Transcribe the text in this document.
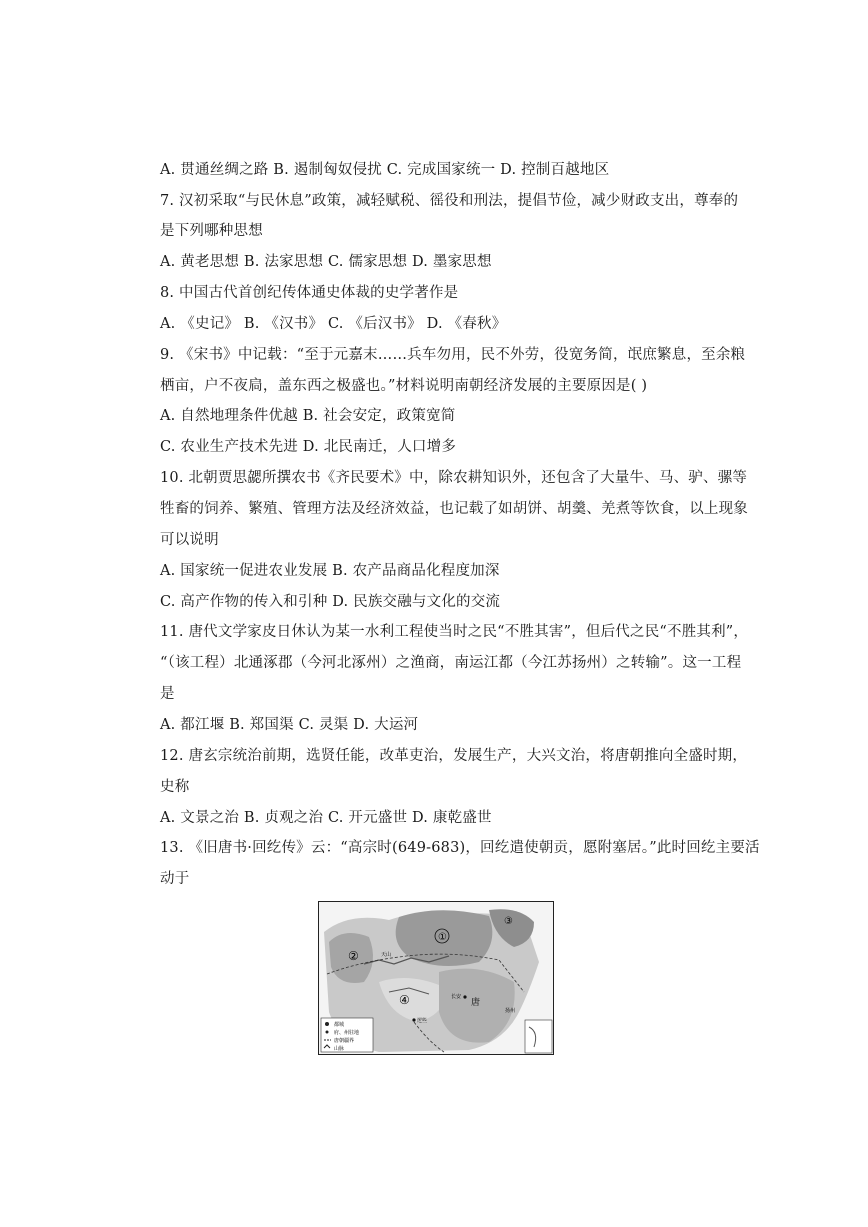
A. 贯通丝绸之路 B. 遏制匈奴侵扰 C. 完成国家统一 D. 控制百越地区
7. 汉初采取“与民休息”政策，减轻赋税、徭役和刑法，提倡节俭，减少财政支出，尊奉的
是下列哪种思想
A. 黄老思想 B. 法家思想 C. 儒家思想 D. 墨家思想
8. 中国古代首创纪传体通史体裁的史学著作是
A. 《史记》 B. 《汉书》 C. 《后汉书》 D. 《春秋》
9. 《宋书》中记载：“至于元嘉末……兵车勿用，民不外劳，役宽务简，氓庶繁息，至余粮
栖亩，户不夜扃，盖东西之极盛也。”材料说明南朝经济发展的主要原因是( )
A. 自然地理条件优越 B. 社会安定，政策宽简
C. 农业生产技术先进 D. 北民南迁，人口增多
10. 北朝贾思勰所撰农书《齐民要术》中，除农耕知识外，还包含了大量牛、马、驴、骡等
牲畜的饲养、繁殖、管理方法及经济效益，也记载了如胡饼、胡羹、羌煮等饮食，以上现象
可以说明
A. 国家统一促进农业发展 B. 农产品商品化程度加深
C. 高产作物的传入和引种 D. 民族交融与文化的交流
11. 唐代文学家皮日休认为某一水利工程使当时之民“不胜其害”，但后代之民“不胜其利”，
“（该工程）北通涿郡（今河北涿州）之渔商，南运江都（今江苏扬州）之转输”。这一工程
是
A. 都江堰 B. 郑国渠 C. 灵渠 D. 大运河
12. 唐玄宗统治前期，选贤任能，改革吏治，发展生产，大兴文治，将唐朝推向全盛时期，
史称
A. 文景之治 B. 贞观之治 C. 开元盛世 D. 康乾盛世
13. 《旧唐书·回纥传》云：“高宗时(649-683)，回纥遣使朝贡，愿附塞居。”此时回纥主要活
动于
都城
府、州驻地
唐朝疆界
山脉
①
②
③
④	唐
长安
逻些
天山
扬州
